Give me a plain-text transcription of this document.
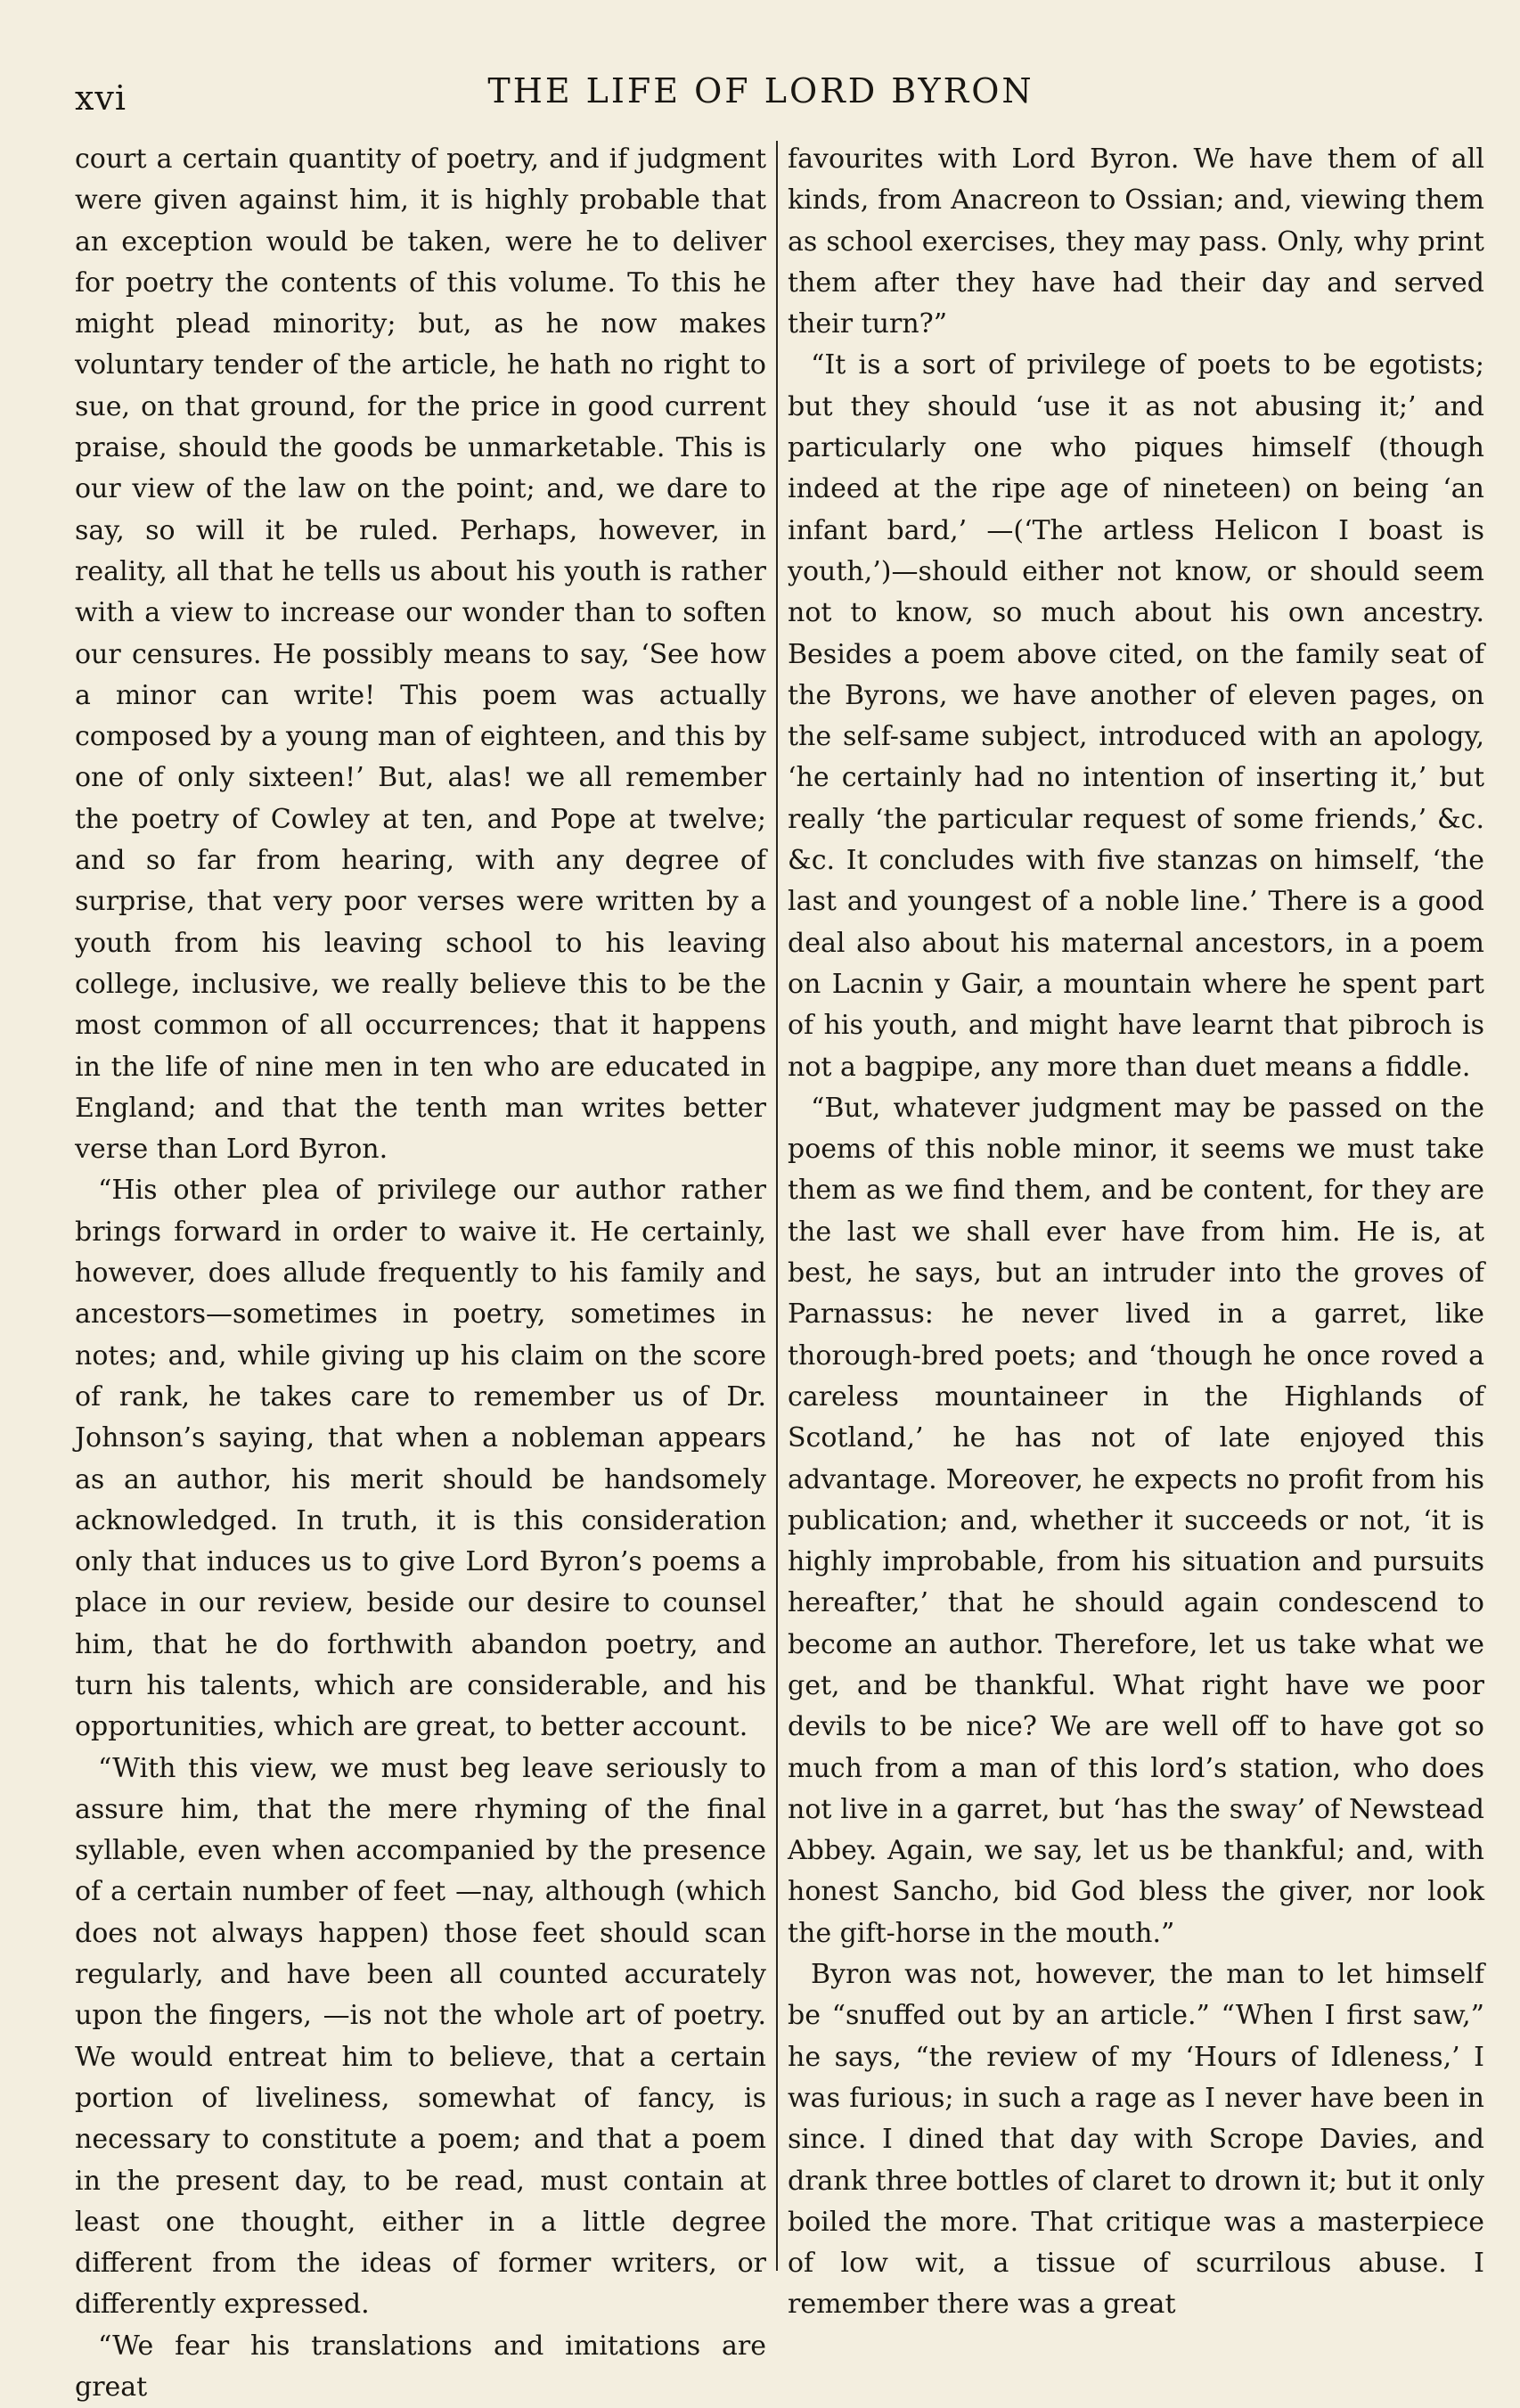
xvi	THE LIFE OF LORD BYRON

court a certain quantity of poetry, and if judgment were given against him, it is highly probable that an exception would be taken, were he to deliver for poetry the contents of this volume. To this he might plead minority; but, as he now makes voluntary tender of the article, he hath no right to sue, on that ground, for the price in good current praise, should the goods be unmarketable. This is our view of the law on the point; and, we dare to say, so will it be ruled. Perhaps, however, in reality, all that he tells us about his youth is rather with a view to increase our wonder than to soften our censures. He possibly means to say, ‘See how a minor can write! This poem was actually composed by a young man of eighteen, and this by one of only sixteen!’ But, alas! we all remember the poetry of Cowley at ten, and Pope at twelve; and so far from hearing, with any degree of surprise, that very poor verses were written by a youth from his leaving school to his leaving college, inclusive, we really believe this to be the most common of all occurrences; that it happens in the life of nine men in ten who are educated in England; and that the tenth man writes better verse than Lord Byron.

“His other plea of privilege our author rather brings forward in order to waive it. He certainly, however, does allude frequently to his family and ancestors—sometimes in poetry, sometimes in notes; and, while giving up his claim on the score of rank, he takes care to remember us of Dr. Johnson’s saying, that when a nobleman appears as an author, his merit should be handsomely acknowledged. In truth, it is this consideration only that induces us to give Lord Byron’s poems a place in our review, beside our desire to counsel him, that he do forthwith abandon poetry, and turn his talents, which are considerable, and his opportunities, which are great, to better account.

“With this view, we must beg leave seriously to assure him, that the mere rhyming of the final syllable, even when accompanied by the presence of a certain number of feet —nay, although (which does not always happen) those feet should scan regularly, and have been all counted accurately upon the fingers, —is not the whole art of poetry. We would entreat him to believe, that a certain portion of liveliness, somewhat of fancy, is necessary to constitute a poem; and that a poem in the present day, to be read, must contain at least one thought, either in a little degree different from the ideas of former writers, or differently expressed.

“We fear his translations and imitations are great

favourites with Lord Byron. We have them of all kinds, from Anacreon to Ossian; and, viewing them as school exercises, they may pass. Only, why print them after they have had their day and served their turn?”

“It is a sort of privilege of poets to be egotists; but they should ‘use it as not abusing it;’ and particularly one who piques himself (though indeed at the ripe age of nineteen) on being ‘an infant bard,’ —(‘The artless Helicon I boast is youth,’)—should either not know, or should seem not to know, so much about his own ancestry. Besides a poem above cited, on the family seat of the Byrons, we have another of eleven pages, on the self-same subject, introduced with an apology, ‘he certainly had no intention of inserting it,’ but really ‘the particular request of some friends,’ &c. &c. It concludes with five stanzas on himself, ‘the last and youngest of a noble line.’ There is a good deal also about his maternal ancestors, in a poem on Lacnin y Gair, a mountain where he spent part of his youth, and might have learnt that pibroch is not a bagpipe, any more than duet means a fiddle.

“But, whatever judgment may be passed on the poems of this noble minor, it seems we must take them as we find them, and be content, for they are the last we shall ever have from him. He is, at best, he says, but an intruder into the groves of Parnassus: he never lived in a garret, like thorough-bred poets; and ‘though he once roved a careless mountaineer in the Highlands of Scotland,’ he has not of late enjoyed this advantage. Moreover, he expects no profit from his publication; and, whether it succeeds or not, ‘it is highly improbable, from his situation and pursuits hereafter,’ that he should again condescend to become an author. Therefore, let us take what we get, and be thankful. What right have we poor devils to be nice? We are well off to have got so much from a man of this lord’s station, who does not live in a garret, but ‘has the sway’ of Newstead Abbey. Again, we say, let us be thankful; and, with honest Sancho, bid God bless the giver, nor look the gift-horse in the mouth.”

Byron was not, however, the man to let himself be “snuffed out by an article.” “When I first saw,” he says, “the review of my ‘Hours of Idleness,’ I was furious; in such a rage as I never have been in since. I dined that day with Scrope Davies, and drank three bottles of claret to drown it; but it only boiled the more. That critique was a masterpiece of low wit, a tissue of scurrilous abuse. I remember there was a great
